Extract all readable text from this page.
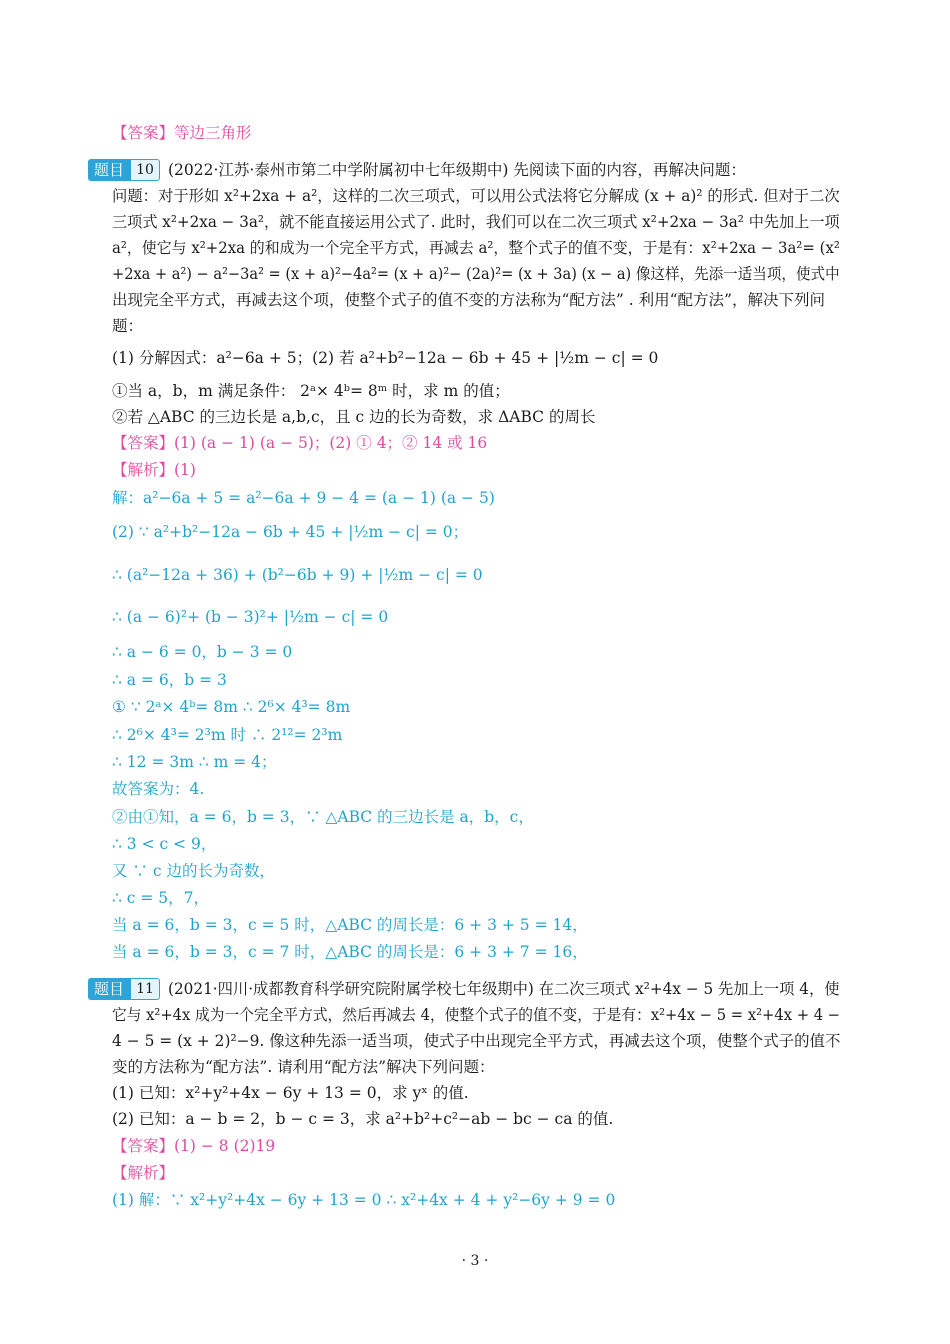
【答案】等边三角形
题目 10 (2022·江苏·泰州市第二中学附属初中七年级期中) 先阅读下面的内容，再解决问题：
问题：对于形如 x²+2xa + a²，这样的二次三项式，可以用公式法将它分解成 (x + a)² 的形式. 但对于二次
三项式 x²+2xa − 3a²，就不能直接运用公式了. 此时，我们可以在二次三项式 x²+2xa − 3a² 中先加上一项
a²，使它与 x²+2xa 的和成为一个完全平方式，再减去 a²，整个式子的值不变，于是有：x²+2xa − 3a²= (x²
+2xa + a²) − a²−3a² = (x + a)²−4a²= (x + a)²− (2a)²= (x + 3a) (x − a) 像这样，先添一适当项，使式中
出现完全平方式，再减去这个项，使整个式子的值不变的方法称为“配方法” . 利用“配方法”，解决下列问
题：
(1) 分解因式：a²−6a + 5；(2) 若 a²+b²−12a − 6b + 45 + |½m − c| = 0
①当 a，b，m 满足条件： 2ᵃ× 4ᵇ= 8ᵐ 时，求 m 的值；
②若 △ABC 的三边长是 a,b,c，且 c 边的长为奇数，求 ΔABC 的周长
【答案】(1) (a − 1) (a − 5)；(2) ① 4；② 14 或 16
【解析】(1)
解：a²−6a + 5 = a²−6a + 9 − 4 = (a − 1) (a − 5)
(2) ∵ a²+b²−12a − 6b + 45 + |½m − c| = 0；
∴ (a²−12a + 36) + (b²−6b + 9) + |½m − c| = 0
∴ (a − 6)²+ (b − 3)²+ |½m − c| = 0
∴ a − 6 = 0，b − 3 = 0
∴ a = 6，b = 3
① ∵ 2ᵃ× 4ᵇ= 8m ∴ 2⁶× 4³= 8m
∴ 2⁶× 4³= 2³m 时 ∴ 2¹²= 2³m
∴ 12 = 3m ∴ m = 4；
故答案为：4.
②由①知，a = 6，b = 3，∵ △ABC 的三边长是 a，b，c，
∴ 3 < c < 9，
又 ∵ c 边的长为奇数，
∴ c = 5，7，
当 a = 6，b = 3，c = 5 时，△ABC 的周长是：6 + 3 + 5 = 14，
当 a = 6，b = 3，c = 7 时，△ABC 的周长是：6 + 3 + 7 = 16，
题目 11 (2021·四川·成都教育科学研究院附属学校七年级期中) 在二次三项式 x²+4x − 5 先加上一项 4，使
它与 x²+4x 成为一个完全平方式，然后再减去 4，使整个式子的值不变，于是有：x²+4x − 5 = x²+4x + 4 −
4 − 5 = (x + 2)²−9. 像这种先添一适当项，使式子中出现完全平方式，再减去这个项，使整个式子的值不
变的方法称为“配方法”. 请利用“配方法”解决下列问题：
(1) 已知：x²+y²+4x − 6y + 13 = 0，求 yˣ 的值.
(2) 已知：a − b = 2，b − c = 3，求 a²+b²+c²−ab − bc − ca 的值.
【答案】(1) − 8 (2)19
【解析】
(1) 解：∵ x²+y²+4x − 6y + 13 = 0 ∴ x²+4x + 4 + y²−6y + 9 = 0
· 3 ·
